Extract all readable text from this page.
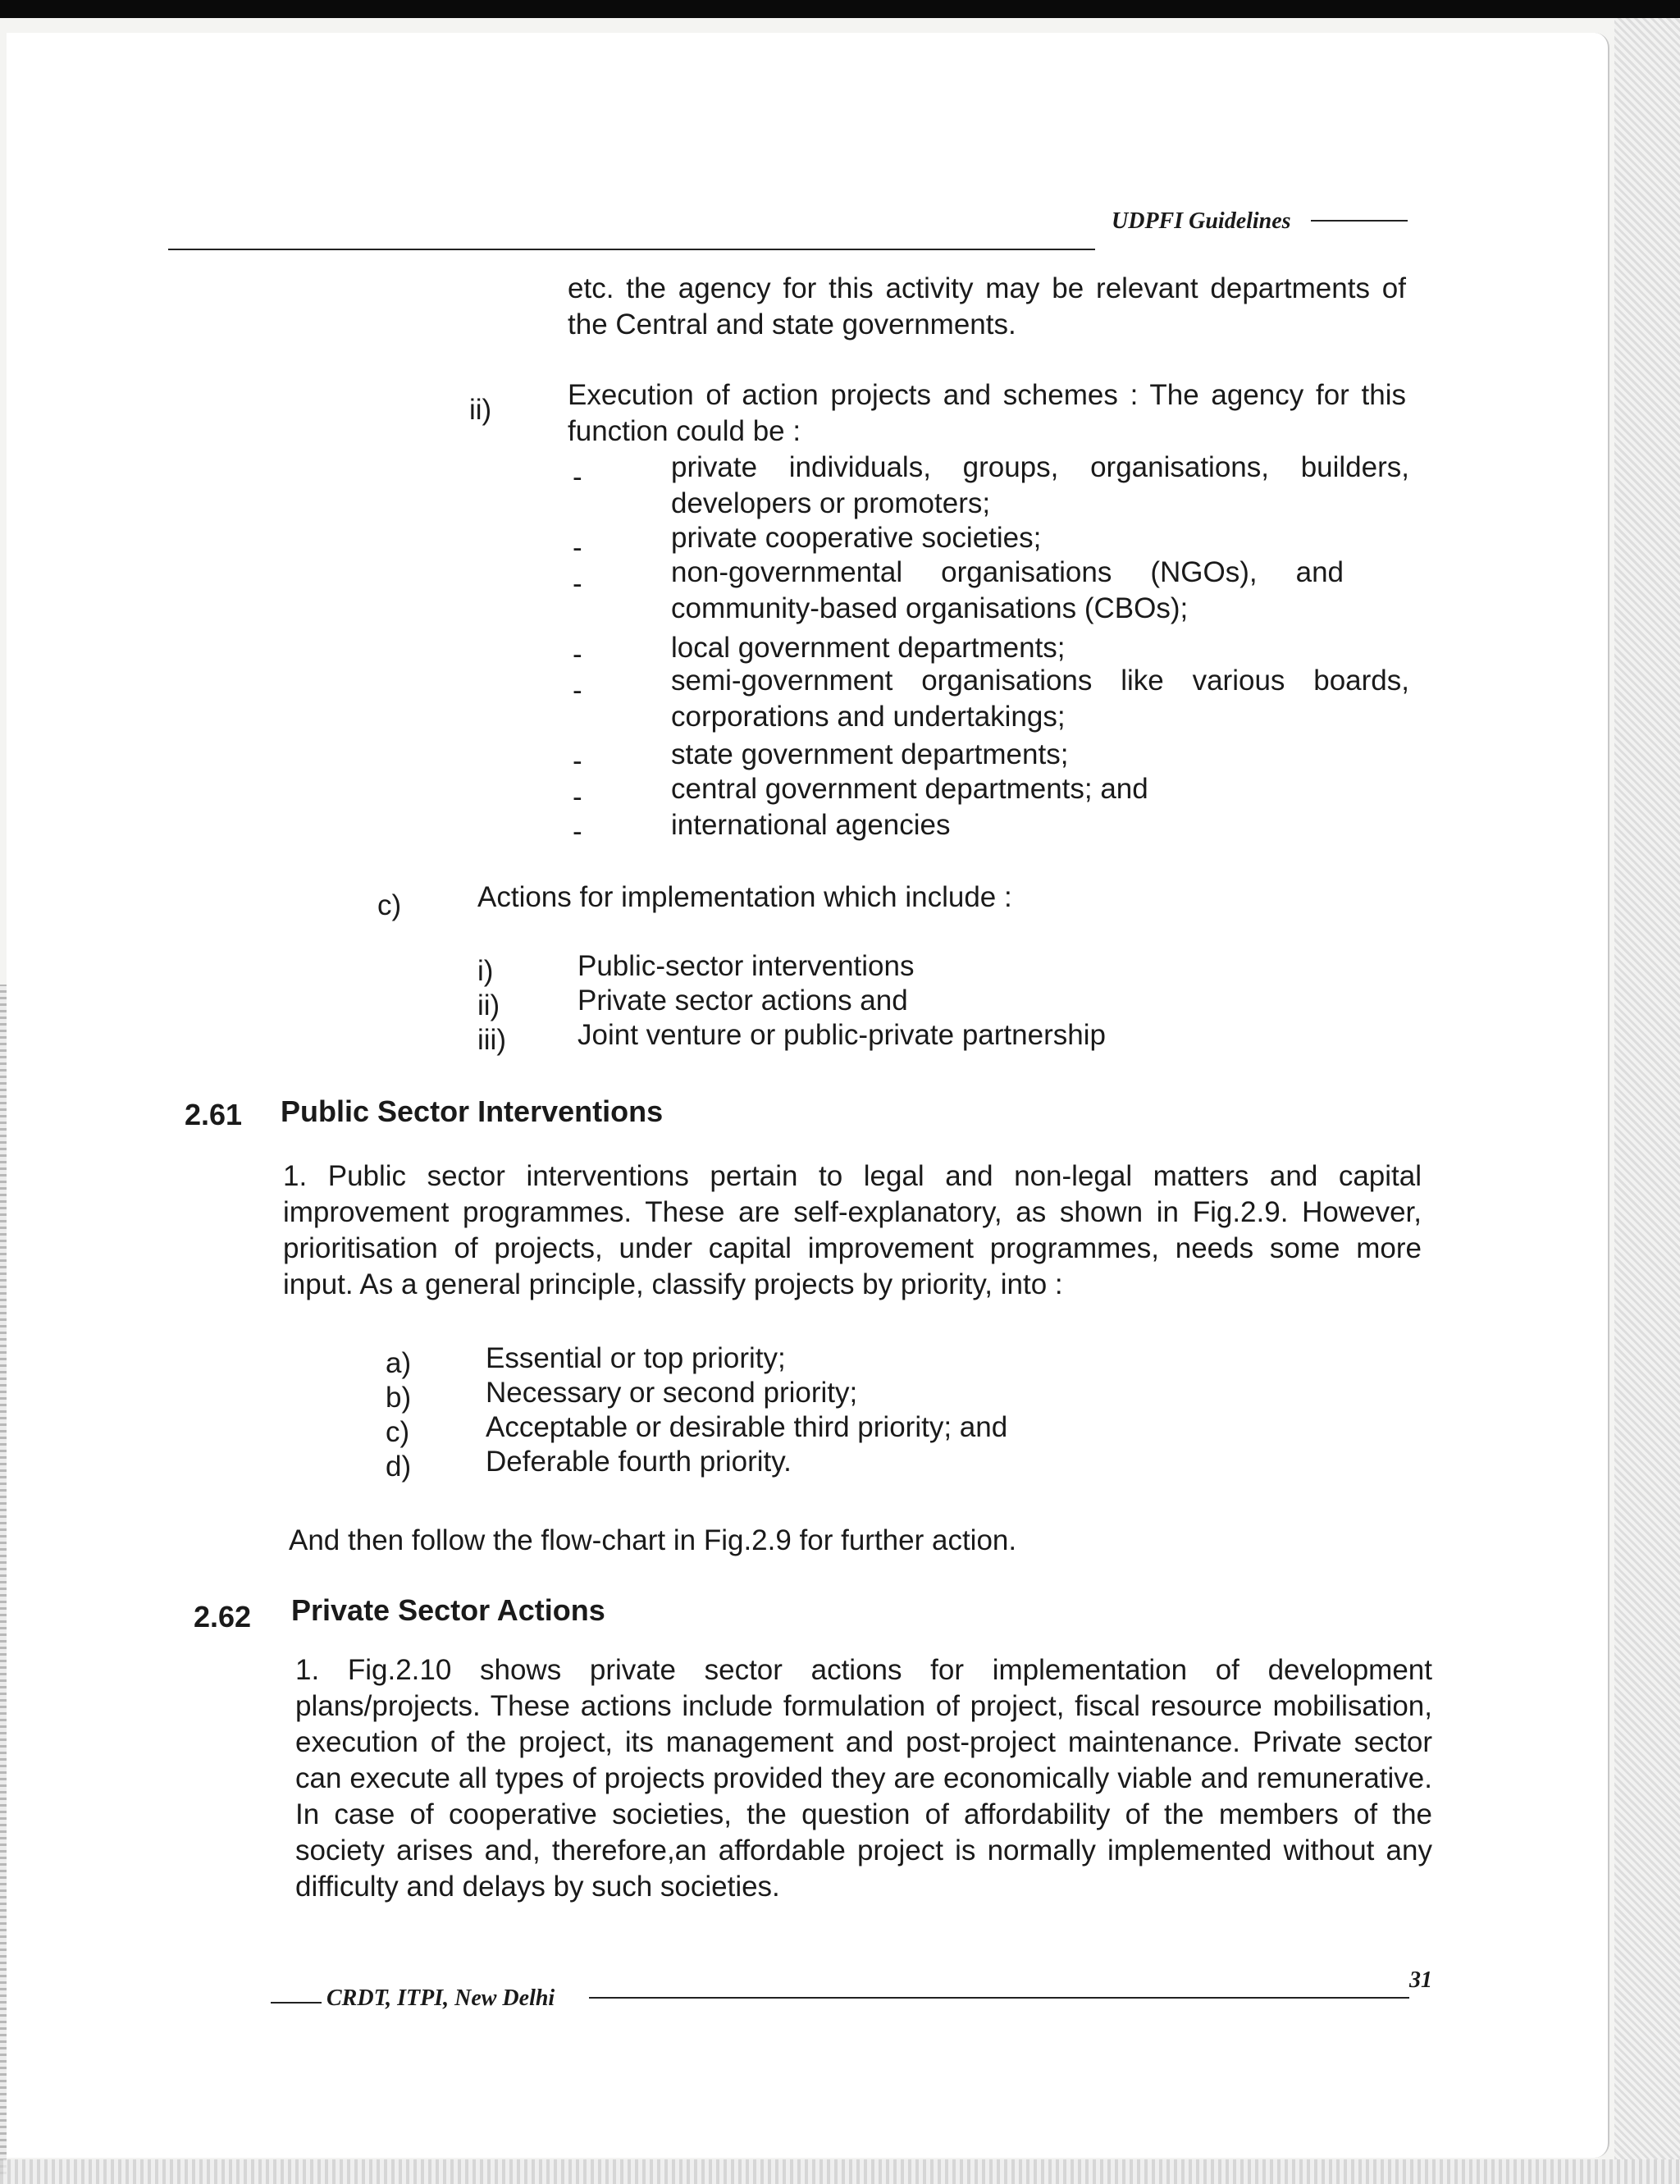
UDPFI Guidelines
etc. the agency for this activity may be relevant departments of the Central and state governments.
ii)	Execution of action projects and schemes : The agency for this function could be :
-	private individuals, groups, organisations, builders, developers or promoters;
-	private cooperative societies;
-	non-governmental organisations (NGOs), and community-based organisations (CBOs);
-	local government departments;
-	semi-government organisations like various boards, corporations and undertakings;
-	state government departments;
-	central government departments; and
-	international agencies
c)	Actions for implementation which include :
i)	Public-sector interventions
ii)	Private sector actions and
iii) Joint venture or public-private partnership
2.61 Public Sector Interventions
1. Public sector interventions pertain to legal and non-legal matters and capital improvement programmes. These are self-explanatory, as shown in Fig.2.9. However, prioritisation of projects, under capital improvement programmes, needs some more input. As a general principle, classify projects by priority, into :
a)	Essential or top priority;
b)	Necessary or second priority;
c)	Acceptable or desirable third priority; and
d)	Deferable fourth priority.
And then follow the flow-chart in Fig.2.9 for further action.
2.62 Private Sector Actions
1. Fig.2.10 shows private sector actions for implementation of development plans/projects. These actions include formulation of project, fiscal resource mobilisation, execution of the project, its management and post-project maintenance. Private sector can execute all types of projects provided they are economically viable and remunerative. In case of cooperative societies, the question of affordability of the members of the society arises and, therefore,an affordable project is normally implemented without any difficulty and delays by such societies.
CRDT, ITPI, New Delhi
31
